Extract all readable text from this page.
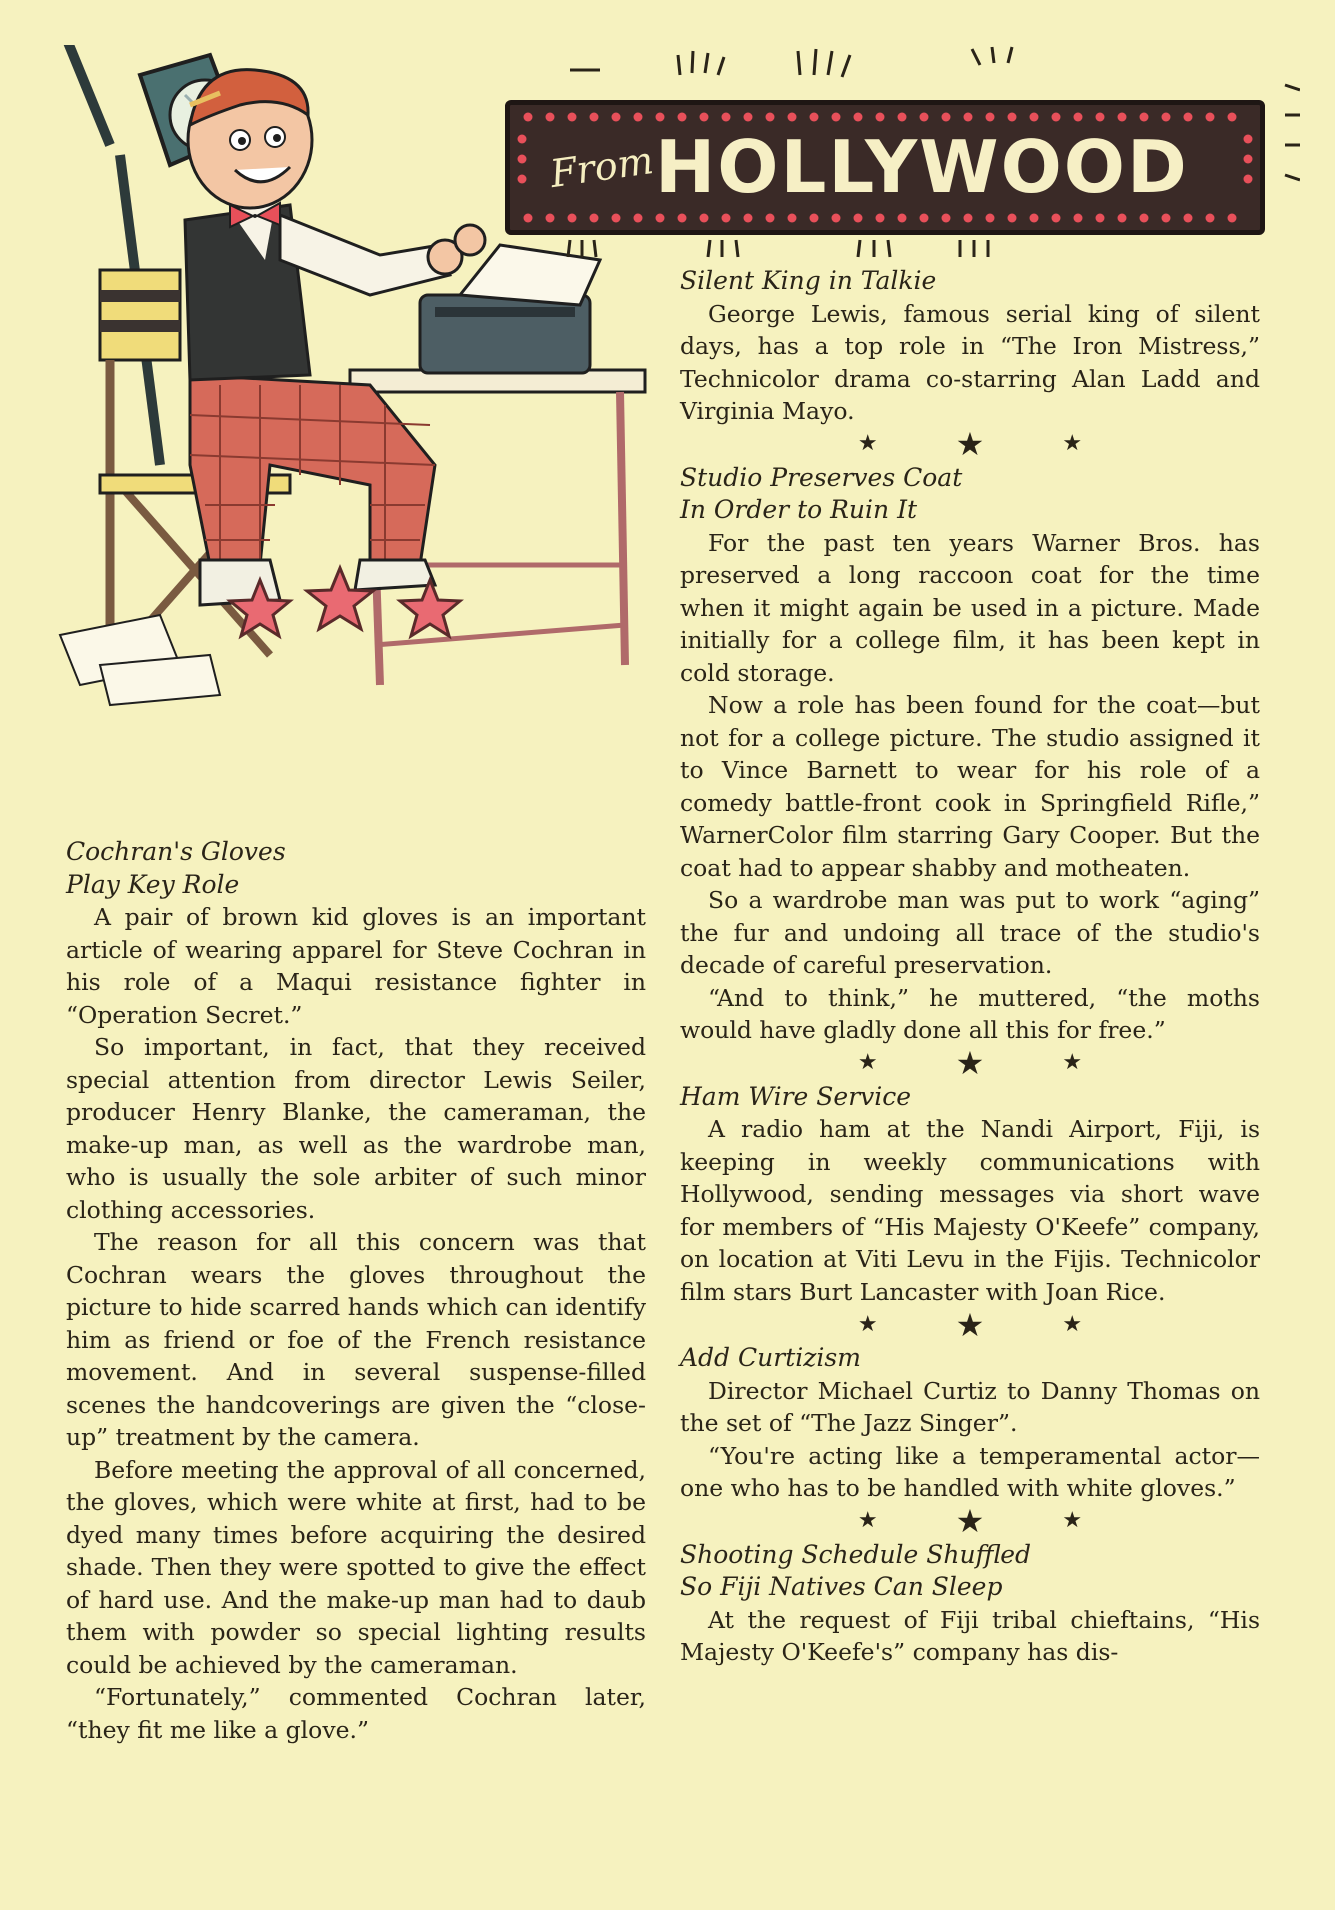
From
HOLLYWOOD
Cochran's Gloves
Play Key Role

A pair of brown kid gloves is an important article of wearing apparel for Steve Cochran in his role of a Maqui resistance fighter in “Operation Secret.”

So important, in fact, that they received special attention from director Lewis Seiler, producer Henry Blanke, the cameraman, the make-up man, as well as the wardrobe man, who is usually the sole arbiter of such minor clothing accessories.

The reason for all this concern was that Cochran wears the gloves throughout the picture to hide scarred hands which can identify him as friend or foe of the French resistance movement. And in several suspense-filled scenes the handcoverings are given the “close-up” treatment by the camera.

Before meeting the approval of all concerned, the gloves, which were white at first, had to be dyed many times before acquiring the desired shade. Then they were spotted to give the effect of hard use. And the make-up man had to daub them with powder so special lighting results could be achieved by the cameraman.

“Fortunately,” commented Cochran later, “they fit me like a glove.”

Silent King in Talkie

George Lewis, famous serial king of silent days, has a top role in “The Iron Mistress,” Technicolor drama co-starring Alan Ladd and Virginia Mayo.

★ ★	★
Studio Preserves Coat
In Order to Ruin It

For the past ten years Warner Bros. has preserved a long raccoon coat for the time when it might again be used in a picture. Made initially for a college film, it has been kept in cold storage.

Now a role has been found for the coat—but not for a college picture. The studio assigned it to Vince Barnett to wear for his role of a comedy battle-front cook in Springfield Rifle,” WarnerColor film starring Gary Cooper. But the coat had to appear shabby and motheaten.

So a wardrobe man was put to work “aging” the fur and undoing all trace of the studio's decade of careful preservation.

“And to think,” he muttered, “the moths would have gladly done all this for free.”

★ ★	★
Ham Wire Service

A radio ham at the Nandi Airport, Fiji, is keeping in weekly communications with Hollywood, sending messages via short wave for members of “His Majesty O'Keefe” company, on location at Viti Levu in the Fijis. Technicolor film stars Burt Lancaster with Joan Rice.

★ ★	★
Add Curtizism

Director Michael Curtiz to Danny Thomas on the set of “The Jazz Singer”.

“You're acting like a temperamental actor—one who has to be handled with white gloves.”

★ ★	★
Shooting Schedule Shuffled
So Fiji Natives Can Sleep

At the request of Fiji tribal chieftains, “His Majesty O'Keefe's” company has dis-
